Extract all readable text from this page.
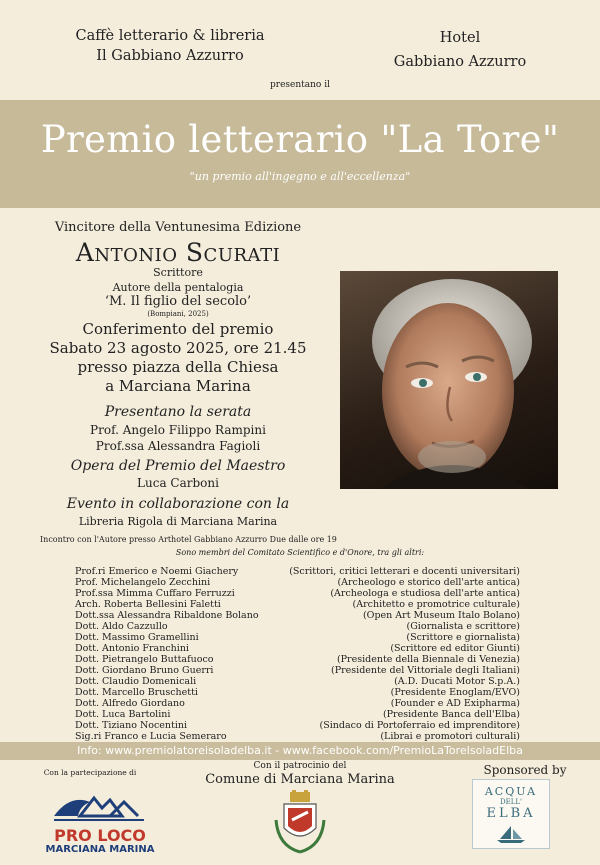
Caffè letterario & libreria
Il Gabbiano Azzurro
Hotel
Gabbiano Azzurro
presentano il
Premio letterario "La Tore"
"un premio all'ingegno e all'eccellenza"
Vincitore della Ventunesima Edizione
Antonio Scurati
Scrittore
Autore della pentalogia
‘M. Il figlio del secolo’
(Bompiani, 2025)
Conferimento del premio
Sabato 23 agosto 2025, ore 21.45
presso piazza della Chiesa
a Marciana Marina
Presentano la serata
Prof. Angelo Filippo Rampini
Prof.ssa Alessandra Fagioli
Opera del Premio del Maestro
Luca Carboni
Evento in collaborazione con la
Libreria Rigola di Marciana Marina
Incontro con l'Autore presso Arthotel Gabbiano Azzurro Due dalle ore 19
Sono membri del Comitato Scientifico e d'Onore, tra gli altri:
Prof.ri Emerico e Noemi Giachery	(Scrittori, critici letterari e docenti universitari)
Prof. Michelangelo Zecchini	(Archeologo e storico dell'arte antica)
Prof.ssa Mimma Cuffaro Ferruzzi	(Archeologa e studiosa dell'arte antica)
Arch. Roberta Bellesini Faletti	(Architetto e promotrice culturale)
Dott.ssa Alessandra Ribaldone Bolano	(Open Art Museum Italo Bolano)
Dott. Aldo Cazzullo	(Giornalista e scrittore)
Dott. Massimo Gramellini	(Scrittore e giornalista)
Dott. Antonio Franchini	(Scrittore ed editor Giunti)
Dott. Pietrangelo Buttafuoco	(Presidente della Biennale di Venezia)
Dott. Giordano Bruno Guerri	(Presidente del Vittoriale degli Italiani)
Dott. Claudio Domenicali	(A.D. Ducati Motor S.p.A.)
Dott. Marcello Bruschetti	(Presidente Enoglam/EVO)
Dott. Alfredo Giordano	(Founder e AD Exipharma)
Dott. Luca Bartolini	(Presidente Banca dell'Elba)
Dott. Tiziano Nocentini	(Sindaco di Portoferraio ed imprenditore)
Sig.ri Franco e Lucia Semeraro	(Librai e promotori culturali)
Info: www.premiolatoreisoladelba.it - www.facebook.com/PremioLaToreIsoladElba
Con la partecipazione di
PRO LOCO
MARCIANA MARINA
Con il patrocinio del
Comune di Marciana Marina
Sponsored by
ACQUA
DELL'
ELBA
